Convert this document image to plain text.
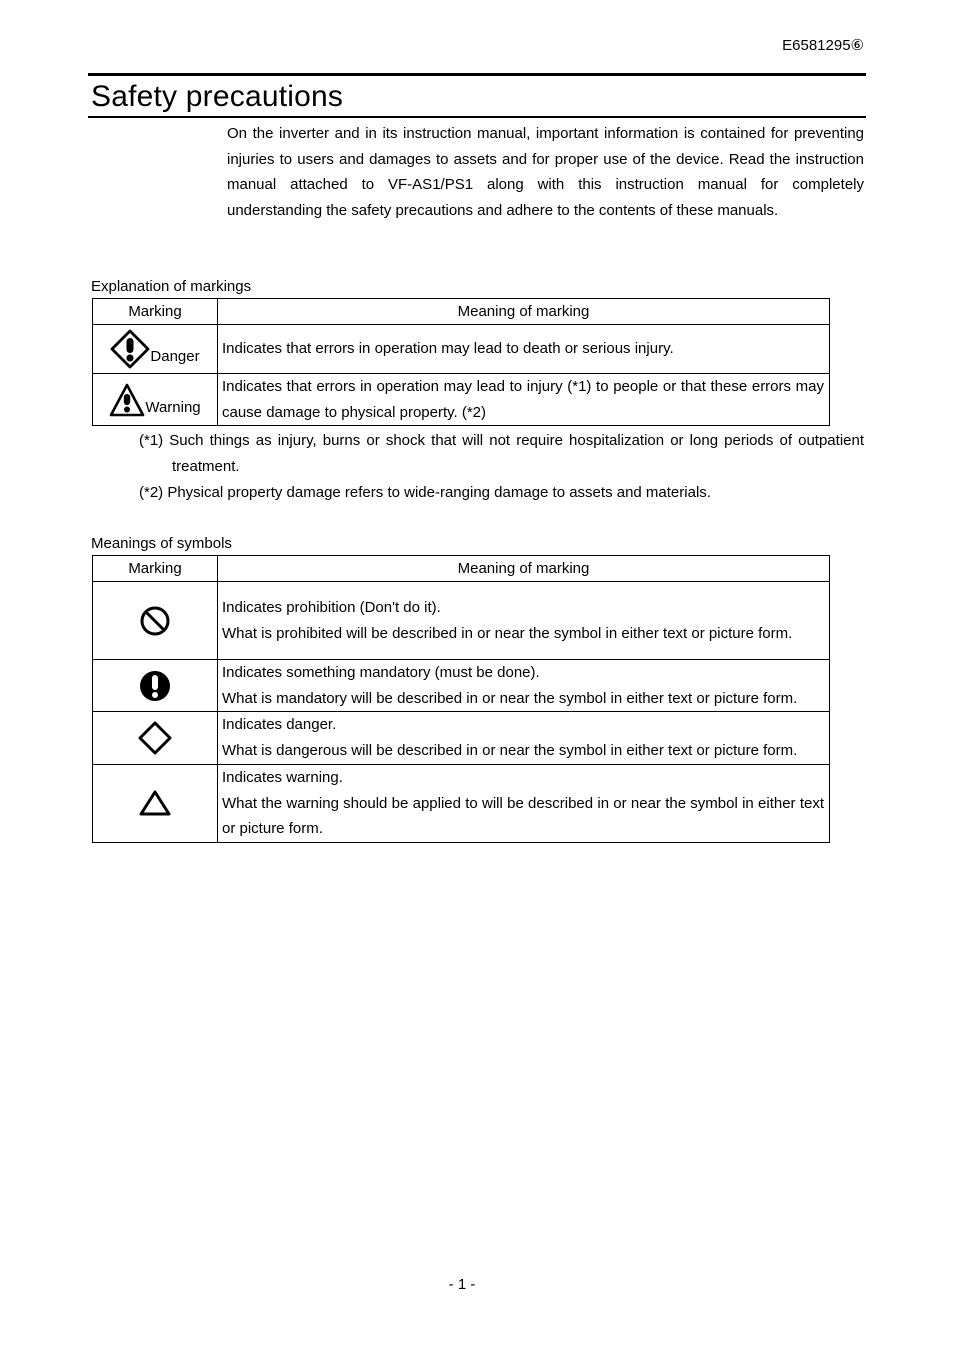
E6581295⑥
Safety precautions

On the inverter and in its instruction manual, important information is contained for preventing injuries to users and damages to assets and for proper use of the device. Read the instruction manual attached to VF-AS1/PS1 along with this instruction manual for completely understanding the safety precautions and adhere to the contents of these manuals.

Explanation of markings
Marking	Meaning of marking
Danger	Indicates that errors in operation may lead to death or serious injury.
Warning	Indicates that errors in operation may lead to injury (*1) to people or that these errors may cause damage to physical property. (*2)

(*1) Such things as injury, burns or shock that will not require hospitalization or long periods of outpatient treatment.

(*2) Physical property damage refers to wide-ranging damage to assets and materials.

Meanings of symbols
Marking	Meaning of marking

Indicates prohibition (Don't do it).
What is prohibited will be described in or near the symbol in either text or picture form.

Indicates something mandatory (must be done).
What is mandatory will be described in or near the symbol in either text or picture form.

Indicates danger.
What is dangerous will be described in or near the symbol in either text or picture form.

Indicates warning.
What the warning should be applied to will be described in or near the symbol in either text or picture form.
- 1 -
